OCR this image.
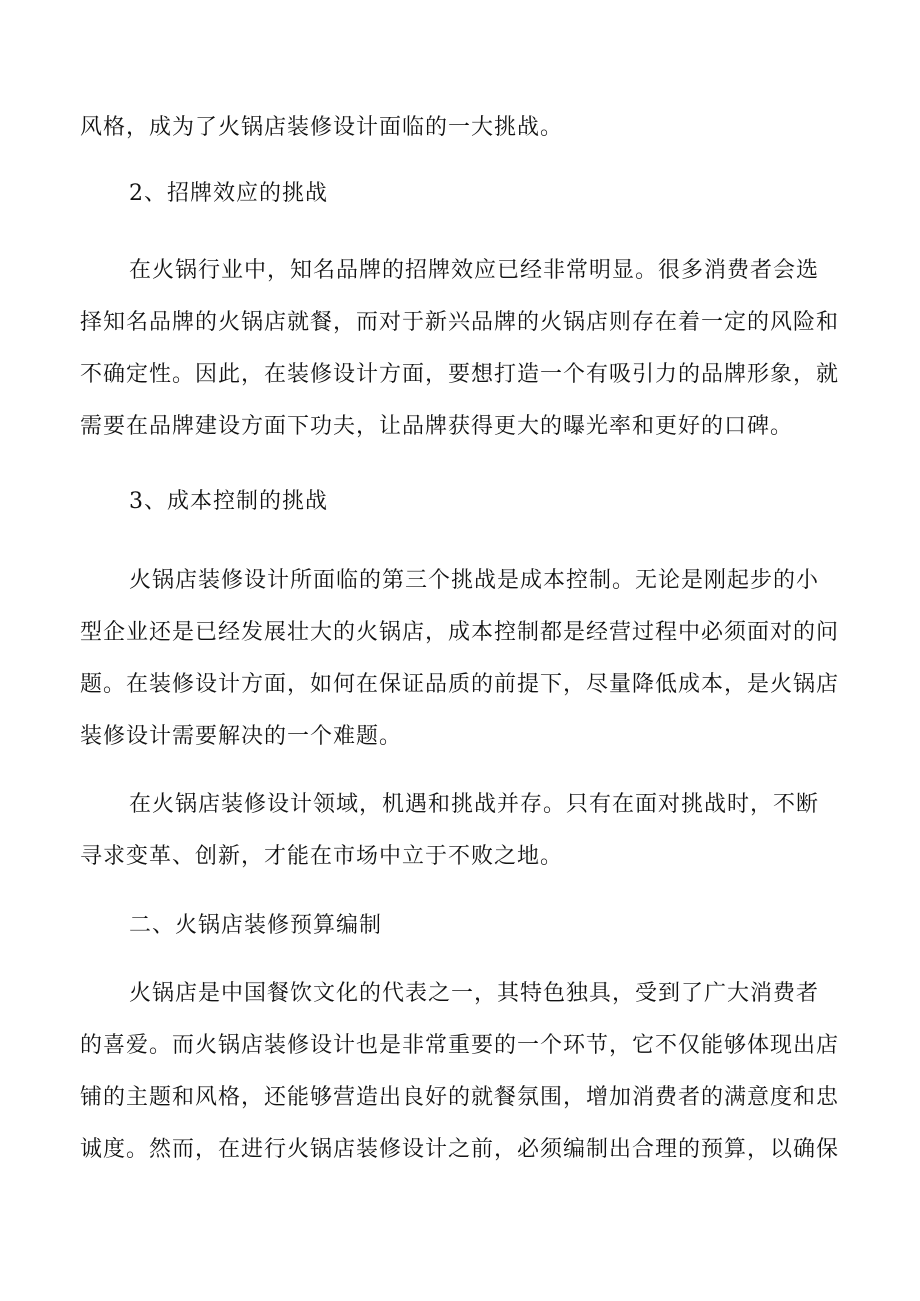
风格，成为了火锅店装修设计面临的一大挑战。
2、招牌效应的挑战
在火锅行业中，知名品牌的招牌效应已经非常明显。很多消费者会选
择知名品牌的火锅店就餐，而对于新兴品牌的火锅店则存在着一定的风险和
不确定性。因此，在装修设计方面，要想打造一个有吸引力的品牌形象，就
需要在品牌建设方面下功夫，让品牌获得更大的曝光率和更好的口碑。
3、成本控制的挑战
火锅店装修设计所面临的第三个挑战是成本控制。无论是刚起步的小
型企业还是已经发展壮大的火锅店，成本控制都是经营过程中必须面对的问
题。在装修设计方面，如何在保证品质的前提下，尽量降低成本，是火锅店
装修设计需要解决的一个难题。
在火锅店装修设计领域，机遇和挑战并存。只有在面对挑战时，不断
寻求变革、创新，才能在市场中立于不败之地。
二、火锅店装修预算编制
火锅店是中国餐饮文化的代表之一，其特色独具，受到了广大消费者
的喜爱。而火锅店装修设计也是非常重要的一个环节，它不仅能够体现出店
铺的主题和风格，还能够营造出良好的就餐氛围，增加消费者的满意度和忠
诚度。然而，在进行火锅店装修设计之前，必须编制出合理的预算，以确保
